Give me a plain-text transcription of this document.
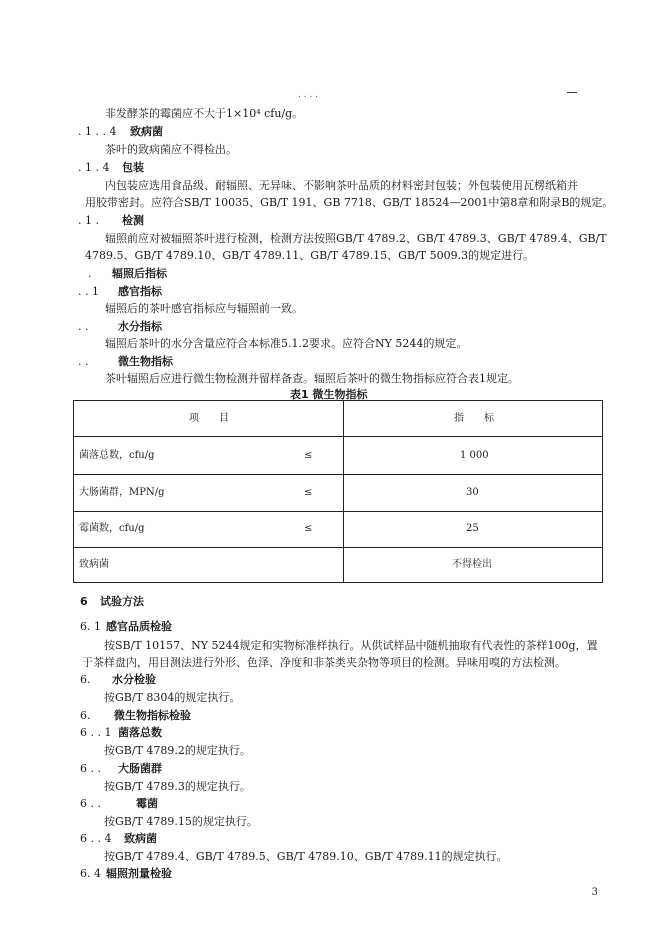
. . . .
非发酵茶的霉菌应不大于1×10⁴ cfu/g。
. 1 . . 4 致病菌
茶叶的致病菌应不得检出。
. 1 . 4 包装
内包装应选用食品级、耐辐照、无异味、不影响茶叶品质的材料密封包装；外包装使用瓦楞纸箱并
用胶带密封。应符合SB/T 10035、GB/T 191、GB 7718、GB/T 18524—2001中第8章和附录B的规定。
. 1 . 检测
辐照前应对被辐照茶叶进行检测，检测方法按照GB/T 4789.2、GB/T 4789.3、GB/T 4789.4、GB/T
4789.5、GB/T 4789.10、GB/T 4789.11、GB/T 4789.15、GB/T 5009.3的规定进行。
. 辐照后指标
. . 1 感官指标
辐照后的茶叶感官指标应与辐照前一致。
. .	水分指标
辐照后茶叶的水分含量应符合本标准5.1.2要求。应符合NY 5244的规定。
. .	微生物指标
茶叶辐照后应进行微生物检测并留样备查。辐照后茶叶的微生物指标应符合表1规定。
表1 微生物指标
项　　目	指　　标
菌落总数，cfu/g	≤	1 000
大肠菌群，MPN/g	≤	30
霉菌数，cfu/g	≤	25
致病菌	不得检出
6 试验方法
6. 1 感官品质检验
按SB/T 10157、NY 5244规定和实物标准样执行。从供试样品中随机抽取有代表性的茶样100g，置
于茶样盘内，用目测法进行外形、色泽、净度和非茶类夹杂物等项目的检测。异味用嗅的方法检测。
6. 水分检验
按GB/T 8304的规定执行。
6. 微生物指标检验
6 . . 1 菌落总数
按GB/T 4789.2的规定执行。
6 . . 大肠菌群
按GB/T 4789.3的规定执行。
6 . .	霉菌
按GB/T 4789.15的规定执行。
6 . . 4 致病菌
按GB/T 4789.4、GB/T 4789.5、GB/T 4789.10、GB/T 4789.11的规定执行。
6. 4 辐照剂量检验
3
